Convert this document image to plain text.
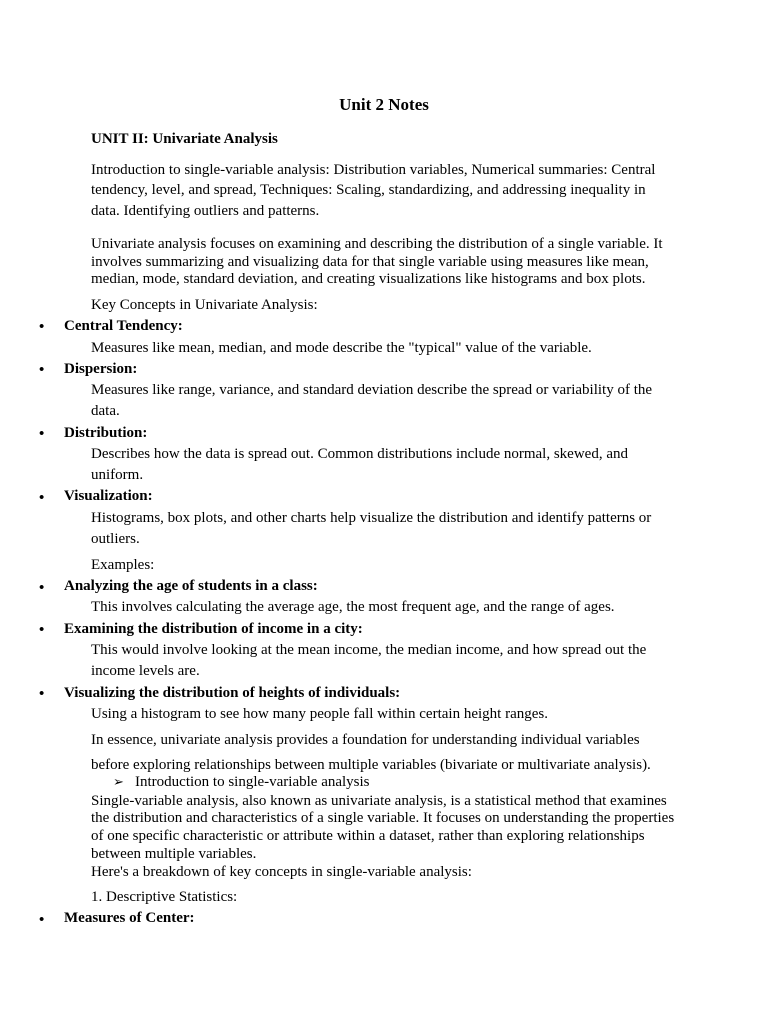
Unit 2 Notes
UNIT II: Univariate Analysis
Introduction to single-variable analysis: Distribution variables, Numerical summaries: Central
tendency, level, and spread, Techniques: Scaling, standardizing, and addressing inequality in
data. Identifying outliers and patterns.
Univariate analysis focuses on examining and describing the distribution of a single variable. It
involves summarizing and visualizing data for that single variable using measures like mean,
median, mode, standard deviation, and creating visualizations like histograms and box plots.
Key Concepts in Univariate Analysis:
• Central Tendency:
Measures like mean, median, and mode describe the "typical" value of the variable.
• Dispersion:
Measures like range, variance, and standard deviation describe the spread or variability of the
data.
• Distribution:
Describes how the data is spread out. Common distributions include normal, skewed, and
uniform.
• Visualization:
Histograms, box plots, and other charts help visualize the distribution and identify patterns or
outliers.
Examples:
• Analyzing the age of students in a class:
This involves calculating the average age, the most frequent age, and the range of ages.
• Examining the distribution of income in a city:
This would involve looking at the mean income, the median income, and how spread out the
income levels are.
• Visualizing the distribution of heights of individuals:
Using a histogram to see how many people fall within certain height ranges.
In essence, univariate analysis provides a foundation for understanding individual variables
before exploring relationships between multiple variables (bivariate or multivariate analysis).
➢ Introduction to single-variable analysis
Single-variable analysis, also known as univariate analysis, is a statistical method that examines
the distribution and characteristics of a single variable. It focuses on understanding the properties
of one specific characteristic or attribute within a dataset, rather than exploring relationships
between multiple variables.
Here's a breakdown of key concepts in single-variable analysis:
1. Descriptive Statistics:
• Measures of Center:
